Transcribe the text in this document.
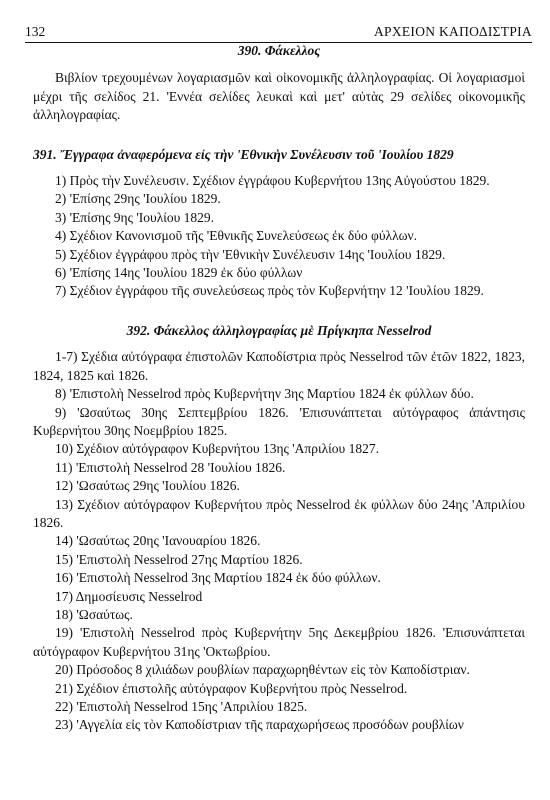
132	ΑΡΧΕΙΟΝ ΚΑΠΟΔΙΣΤΡΙΑ

390. Φάκελλος

Βιβλίον τρεχουμένων λογαριασμῶν καὶ οἰκονομικῆς ἀλληλογραφίας. Οἱ λογαριασμοὶ μέχρι τῆς σελίδος 21. 'Εννέα σελίδες λευκαὶ καὶ μετ' αὐτὰς 29 σελίδες οἰκονομικῆς ἀλληλογραφίας.

391. Ἔγγραφα ἀναφερόμενα εἰς τὴν 'Εθνικὴν Συνέλευσιν τοῦ 'Ιουλίου 1829

1) Πρὸς τὴν Συνέλευσιν. Σχέδιον ἐγγράφου Κυβερνήτου 13ης Αὐγούστου 1829.

2) 'Επίσης 29ης 'Ιουλίου 1829.

3) 'Επίσης 9ης 'Ιουλίου 1829.

4) Σχέδιον Κανονισμοῦ τῆς 'Εθνικῆς Συνελεύσεως ἐκ δύο φύλλων.

5) Σχέδιον ἐγγράφου πρὸς τὴν 'Εθνικὴν Συνέλευσιν 14ης 'Ιουλίου 1829.

6) 'Επίσης 14ης 'Ιουλίου 1829 ἐκ δύο φύλλων

7) Σχέδιον ἐγγράφου τῆς συνελεύσεως πρὸς τὸν Κυβερνήτην 12 'Ιουλίου 1829.

392. Φάκελλος ἀλληλογραφίας μὲ Πρίγκηπα Nesselrod

1-7) Σχέδια αὐτόγραφα ἐπιστολῶν Καποδίστρια πρὸς Nesselrod τῶν ἐτῶν 1822, 1823, 1824, 1825 καὶ 1826.

8) 'Επιστολὴ Nesselrod πρὸς Κυβερνήτην 3ης Μαρτίου 1824 ἐκ φύλλων δύο.

9) 'Ωσαύτως 30ης Σεπτεμβρίου 1826. 'Επισυνάπτεται αὐτόγραφος ἀπάντησις Κυβερνήτου 30ης Νοεμβρίου 1825.

10) Σχέδιον αὐτόγραφον Κυβερνήτου 13ης 'Απριλίου 1827.

11) 'Επιστολὴ Nesselrod 28 'Ιουλίου 1826.

12) 'Ωσαύτως 29ης 'Ιουλίου 1826.

13) Σχέδιον αὐτόγραφον Κυβερνήτου πρὸς Nesselrod ἐκ φύλλων δύο 24ης 'Απριλίου 1826.

14) 'Ωσαύτως 20ης 'Ιανουαρίου 1826.

15) 'Επιστολὴ Nesselrod 27ης Μαρτίου 1826.

16) 'Επιστολὴ Nesselrod 3ης Μαρτίου 1824 ἐκ δύο φύλλων.

17) Δημοσίευσις Nesselrod

18) 'Ωσαύτως.

19) 'Επιστολὴ Nesselrod πρὸς Κυβερνήτην 5ης Δεκεμβρίου 1826. 'Επισυνάπτεται αὐτόγραφον Κυβερνήτου 31ης 'Οκτωβρίου.

20) Πρόσοδος 8 χιλιάδων ρουβλίων παραχωρηθέντων εἰς τὸν Καποδίστριαν.

21) Σχέδιον ἐπιστολῆς αὐτόγραφον Κυβερνήτου πρὸς Nesselrod.

22) 'Επιστολὴ Nesselrod 15ης 'Απριλίου 1825.

23) 'Αγγελία εἰς τὸν Καποδίστριαν τῆς παραχωρήσεως προσόδων ρουβλίων
